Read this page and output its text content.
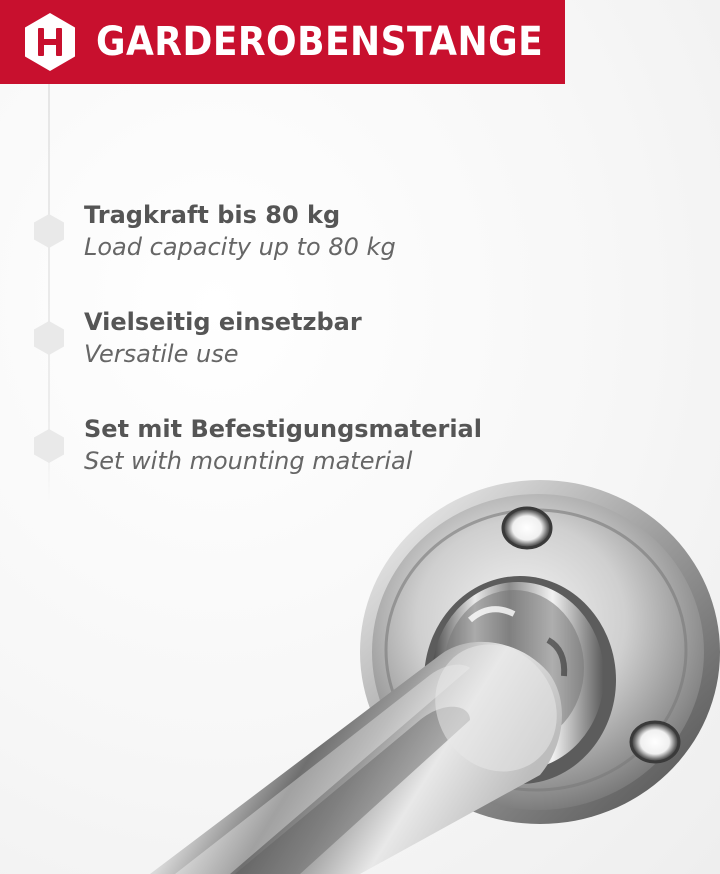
GARDEROBENSTANGE
Tragkraft bis 80 kg
Load capacity up to 80 kg
Vielseitig einsetzbar
Versatile use
Set mit Befestigungsmaterial
Set with mounting material
